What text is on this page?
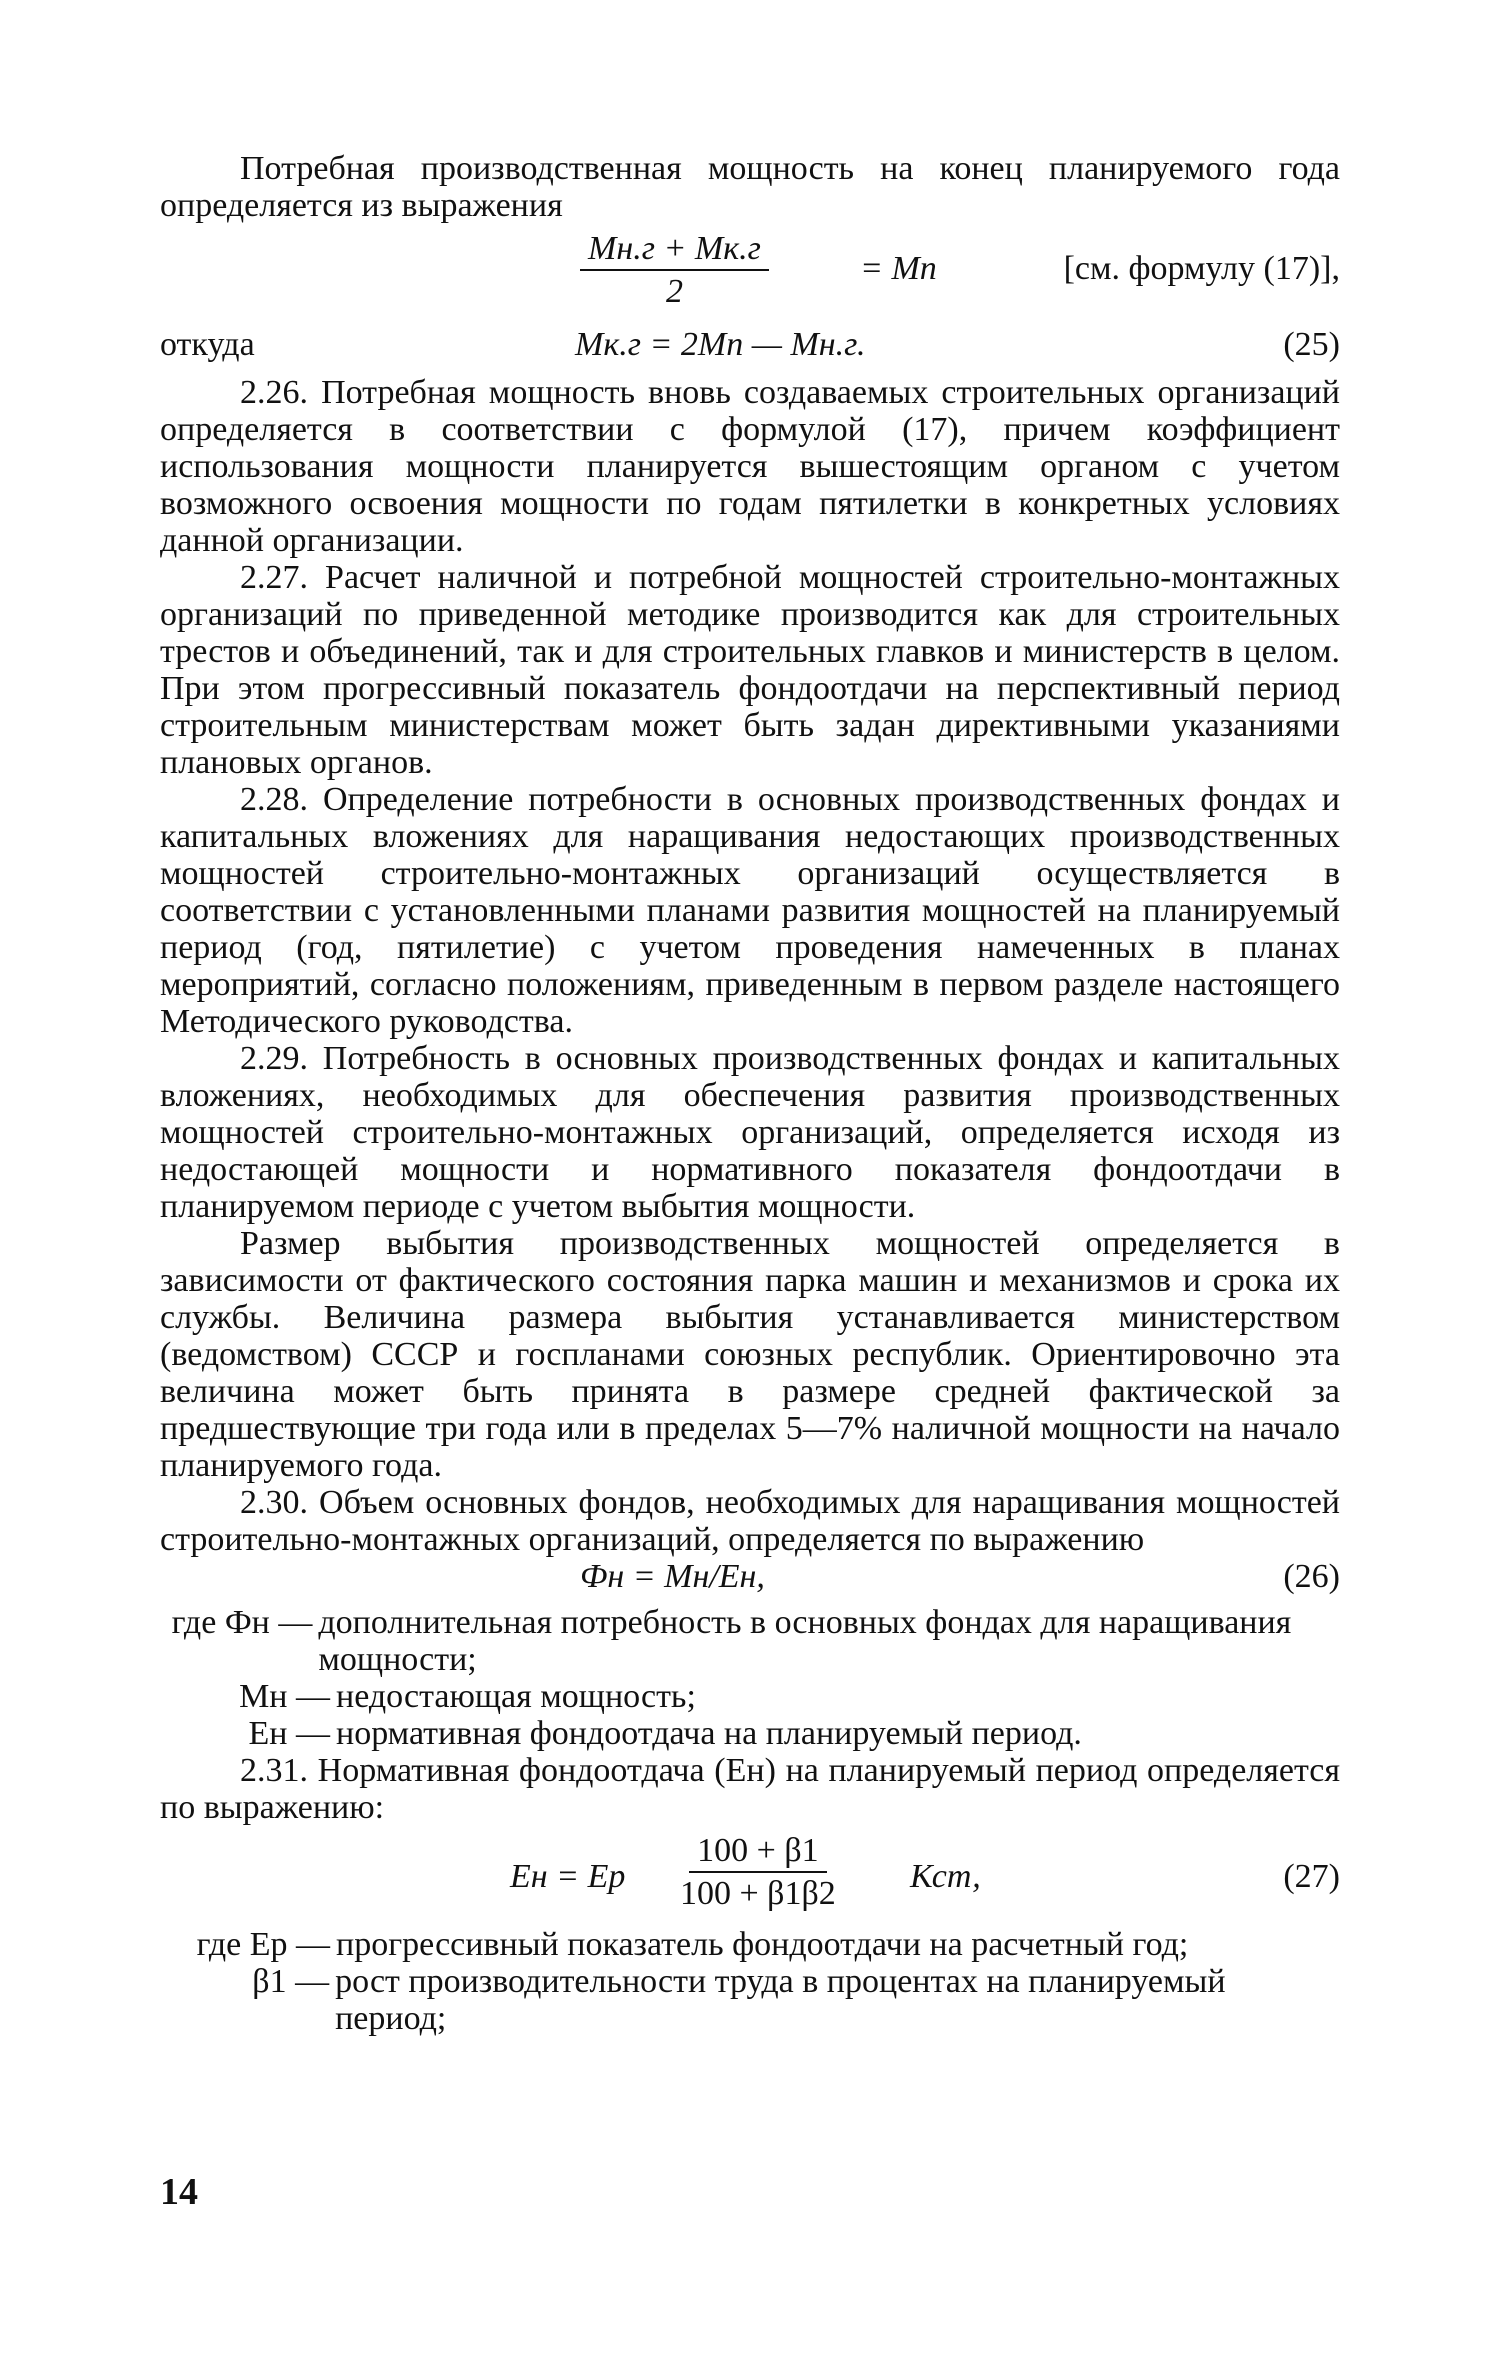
Потребная производственная мощность на конец планируемого года определяется из выражения

Мн.г + Мк.г
2
= Мп	[см. формулу (17)],
откуда	Мк.г = 2Мп — Мн.г.	(25)

2.26. Потребная мощность вновь создаваемых строительных организаций определяется в соответствии с формулой (17), причем коэффициент использования мощности планируется вышестоящим органом с учетом возможного освоения мощности по годам пятилетки в конкретных условиях данной организации.

2.27. Расчет наличной и потребной мощностей строительно-монтажных организаций по приведенной методике производится как для строительных трестов и объединений, так и для строительных главков и министерств в целом. При этом прогрессивный показатель фондоотдачи на перспективный период строительным министерствам может быть задан директивными указаниями плановых органов.

2.28. Определение потребности в основных производственных фондах и капитальных вложениях для наращивания недостающих производственных мощностей строительно-монтажных организаций осуществляется в соответствии с установленными планами развития мощностей на планируемый период (год, пятилетие) с учетом проведения намеченных в планах мероприятий, согласно положениям, приведенным в первом разделе настоящего Методического руководства.

2.29. Потребность в основных производственных фондах и капитальных вложениях, необходимых для обеспечения развития производственных мощностей строительно-монтажных организаций, определяется исходя из недостающей мощности и нормативного показателя фондоотдачи в планируемом периоде с учетом выбытия мощности.

Размер выбытия производственных мощностей определяется в зависимости от фактического состояния парка машин и механизмов и срока их службы. Величина размера выбытия устанавливается министерством (ведомством) СССР и госпланами союзных республик. Ориентировочно эта величина может быть принята в размере средней фактической за предшествующие три года или в пределах 5—7% наличной мощности на начало планируемого года.

2.30. Объем основных фондов, необходимых для наращивания мощностей строительно-монтажных организаций, определяется по выражению

Фн = Мн/Ен,	(26)
где Фн — дополнительная потребность в основных фондах для наращивания мощности;
Мн — недостающая мощность;
Ен — нормативная фондоотдача на планируемый период.

2.31. Нормативная фондоотдача (Ен) на планируемый период определяется по выражению:

Ен = Ер $\frac{100 + \beta 1}{100 + \beta 1\beta 2}$ Кст,	(27)
где Ер — прогрессивный показатель фондоотдачи на расчетный год;
β1 — рост производительности труда в процентах на планируемый период;
14
